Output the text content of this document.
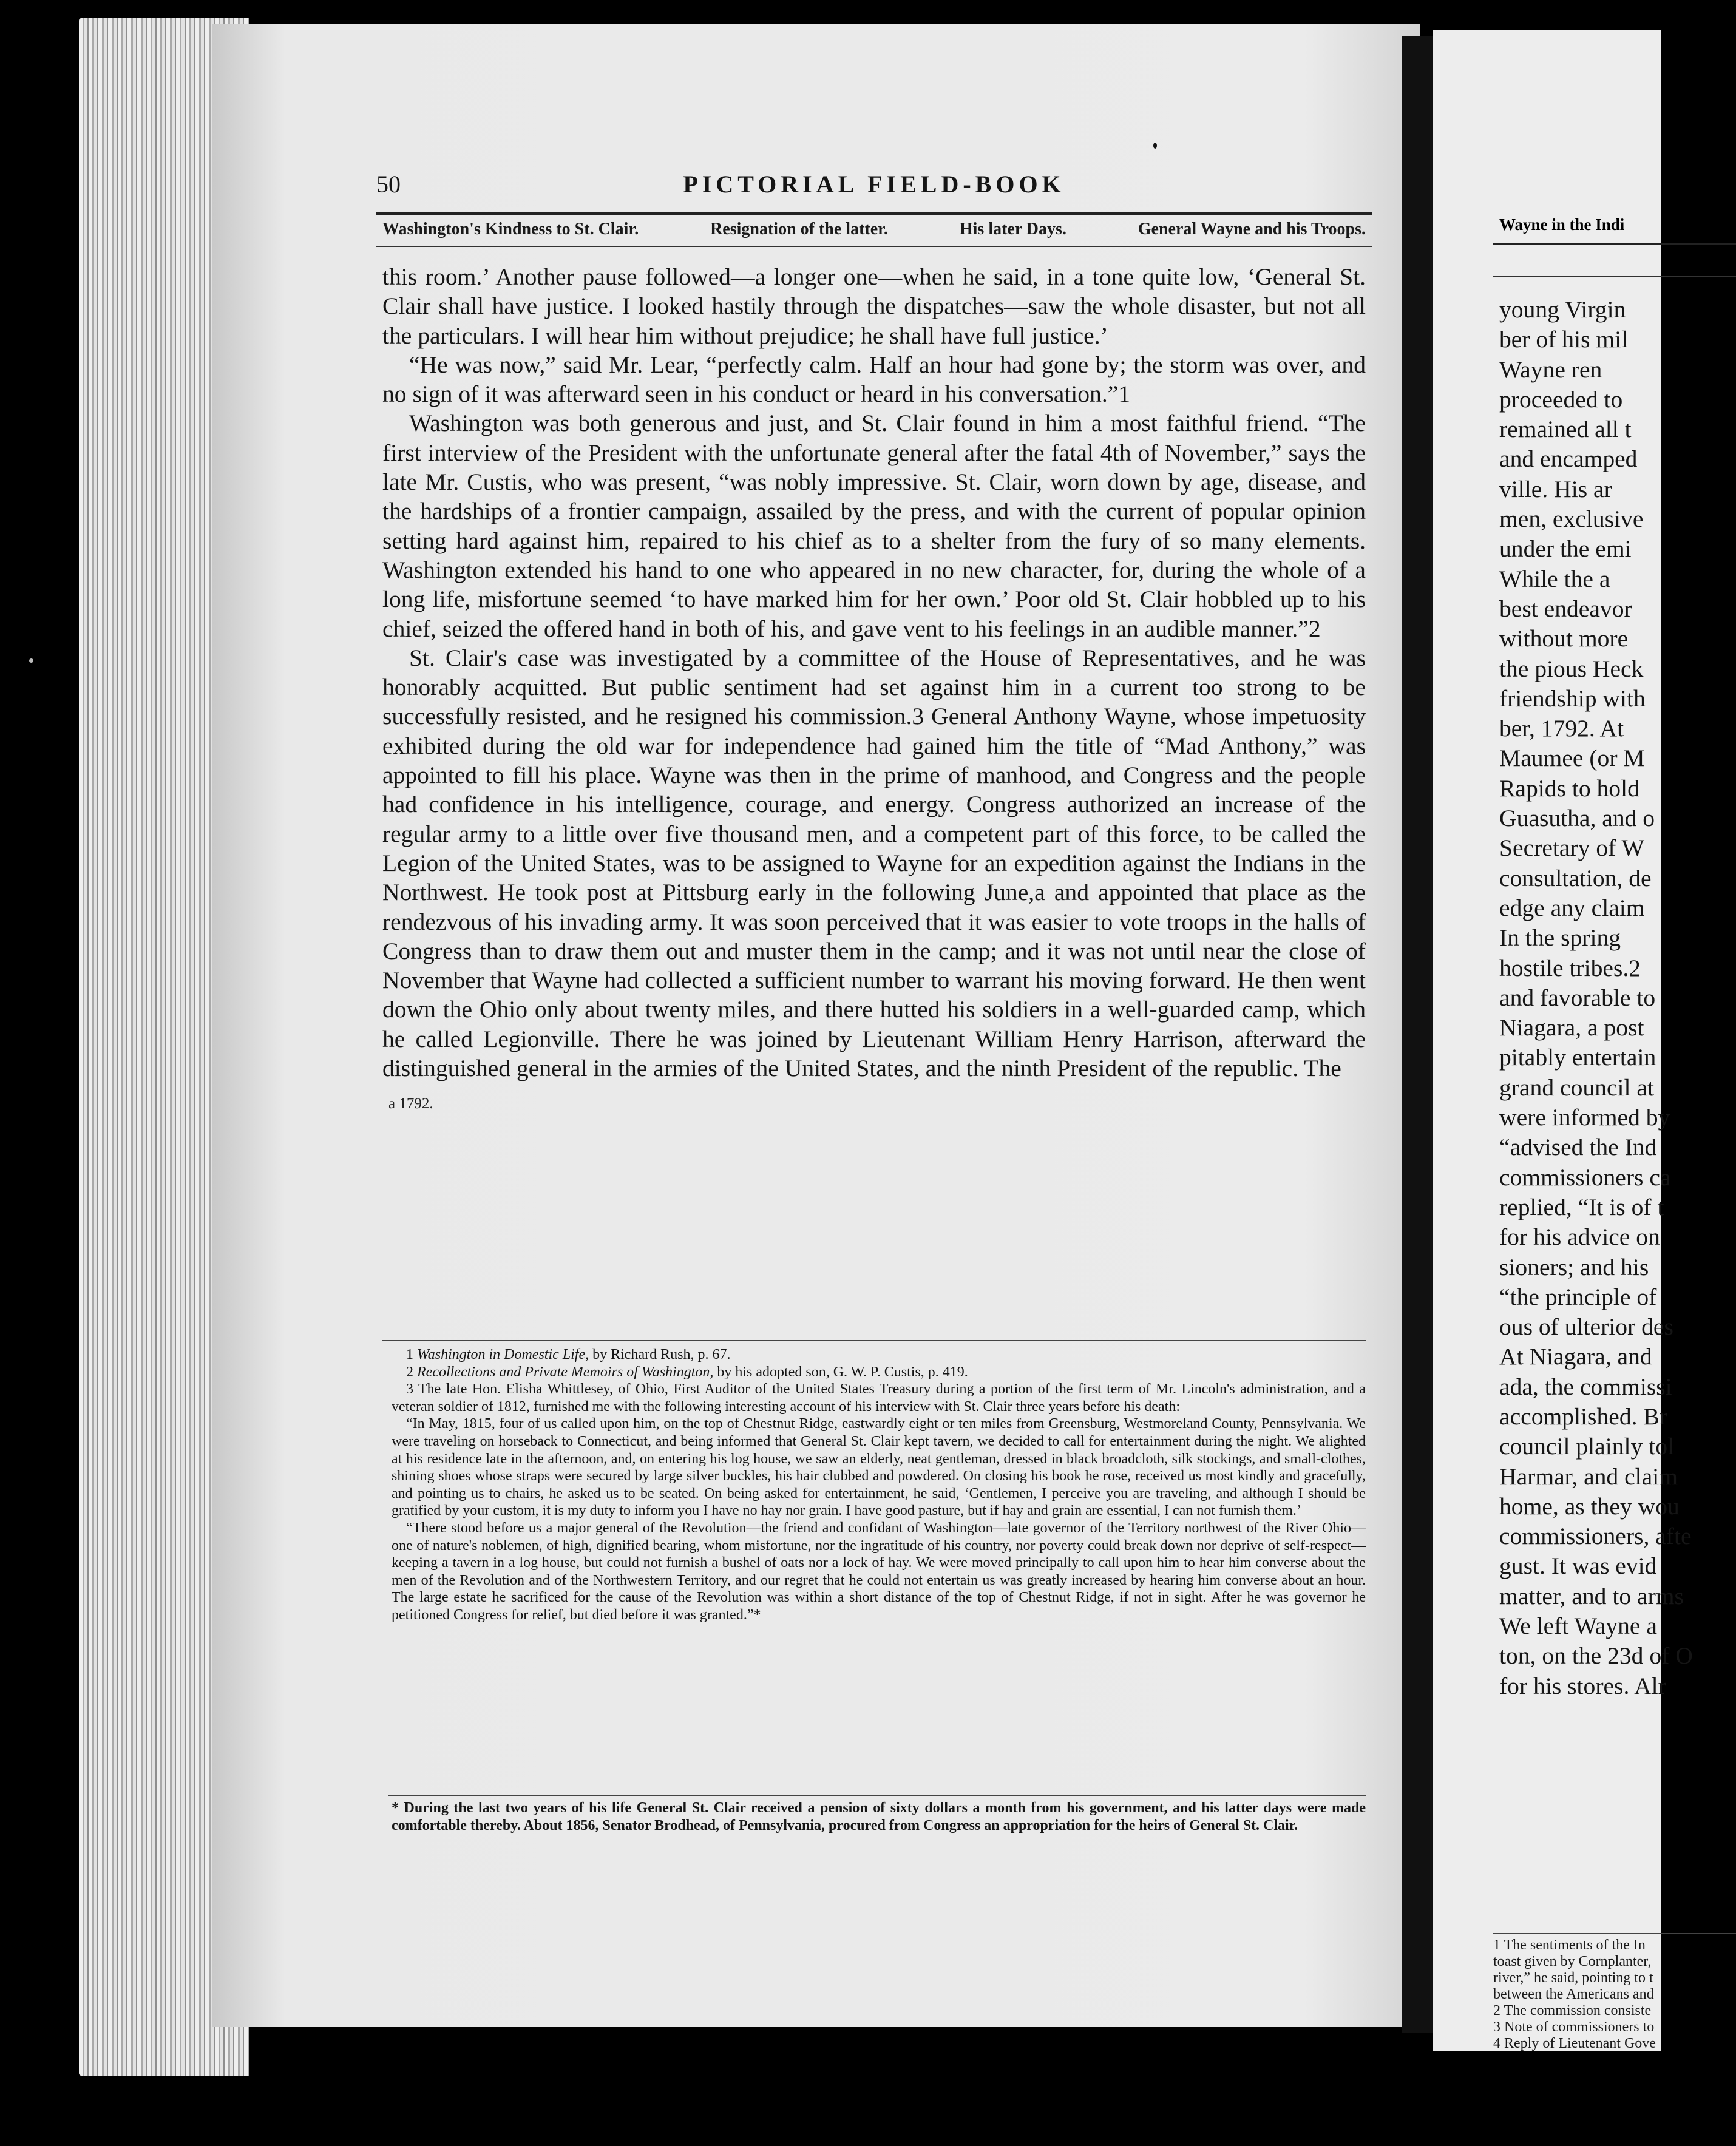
50	PICTORIAL FIELD-BOOK
Washington's Kindness to St. Clair.	Resignation of the latter.	His later Days.	General Wayne and his Troops.

this room.’ Another pause followed—a longer one—when he said, in a tone quite low, ‘General St. Clair shall have justice. I looked hastily through the dispatches—saw the whole disaster, but not all the particulars. I will hear him without prejudice; he shall have full justice.’

“He was now,” said Mr. Lear, “perfectly calm. Half an hour had gone by; the storm was over, and no sign of it was afterward seen in his conduct or heard in his conversation.”1

Washington was both generous and just, and St. Clair found in him a most faithful friend. “The first interview of the President with the unfortunate general after the fatal 4th of November,” says the late Mr. Custis, who was present, “was nobly impressive. St. Clair, worn down by age, disease, and the hardships of a frontier campaign, assailed by the press, and with the current of popular opinion setting hard against him, repaired to his chief as to a shelter from the fury of so many elements. Washington extended his hand to one who appeared in no new character, for, during the whole of a long life, misfortune seemed ‘to have marked him for her own.’ Poor old St. Clair hobbled up to his chief, seized the offered hand in both of his, and gave vent to his feelings in an audible manner.”2

St. Clair's case was investigated by a committee of the House of Representatives, and he was honorably acquitted. But public sentiment had set against him in a current too strong to be successfully resisted, and he resigned his commission.3 General Anthony Wayne, whose impetuosity exhibited during the old war for independence had gained him the title of “Mad Anthony,” was appointed to fill his place. Wayne was then in the prime of manhood, and Congress and the people had confidence in his intelligence, courage, and energy. Congress authorized an increase of the regular army to a little over five thousand men, and a competent part of this force, to be called the Legion of the United States, was to be assigned to Wayne for an expedition against the Indians in the Northwest. He took post at Pittsburg early in the following June,a and appointed that place as the rendezvous of his invading army. It was soon perceived that it was easier to vote troops in the halls of Congress than to draw them out and muster them in the camp; and it was not until near the close of November that Wayne had collected a sufficient number to warrant his moving forward. He then went down the Ohio only about twenty miles, and there hutted his soldiers in a well-guarded camp, which he called Legionville. There he was joined by Lieutenant William Henry Harrison, afterward the distinguished general in the armies of the United States, and the ninth President of the republic. The

a 1792.

1 Washington in Domestic Life, by Richard Rush, p. 67.

2 Recollections and Private Memoirs of Washington, by his adopted son, G. W. P. Custis, p. 419.

3 The late Hon. Elisha Whittlesey, of Ohio, First Auditor of the United States Treasury during a portion of the first term of Mr. Lincoln's administration, and a veteran soldier of 1812, furnished me with the following interesting account of his interview with St. Clair three years before his death:

“In May, 1815, four of us called upon him, on the top of Chestnut Ridge, eastwardly eight or ten miles from Greensburg, Westmoreland County, Pennsylvania. We were traveling on horseback to Connecticut, and being informed that General St. Clair kept tavern, we decided to call for entertainment during the night. We alighted at his residence late in the afternoon, and, on entering his log house, we saw an elderly, neat gentleman, dressed in black broadcloth, silk stockings, and small-clothes, shining shoes whose straps were secured by large silver buckles, his hair clubbed and powdered. On closing his book he rose, received us most kindly and gracefully, and pointing us to chairs, he asked us to be seated. On being asked for entertainment, he said, ‘Gentlemen, I perceive you are traveling, and although I should be gratified by your custom, it is my duty to inform you I have no hay nor grain. I have good pasture, but if hay and grain are essential, I can not furnish them.’

“There stood before us a major general of the Revolution—the friend and confidant of Washington—late governor of the Territory northwest of the River Ohio—one of nature's noblemen, of high, dignified bearing, whom misfortune, nor the ingratitude of his country, nor poverty could break down nor deprive of self-respect—keeping a tavern in a log house, but could not furnish a bushel of oats nor a lock of hay. We were moved principally to call upon him to hear him converse about the men of the Revolution and of the Northwestern Territory, and our regret that he could not entertain us was greatly increased by hearing him converse about an hour. The large estate he sacrificed for the cause of the Revolution was within a short distance of the top of Chestnut Ridge, if not in sight. After he was governor he petitioned Congress for relief, but died before it was granted.”*

* During the last two years of his life General St. Clair received a pension of sixty dollars a month from his government, and his latter days were made comfortable thereby. About 1856, Senator Brodhead, of Pennsylvania, procured from Congress an appropriation for the heirs of General St. Clair.
Wayne in the Indi
young Virgin
ber of his mil
Wayne ren
proceeded to
remained all t
and encamped
ville. His ar
men, exclusive
under the emi
While the a
best endeavor
without more
the pious Heck
friendship with
ber, 1792. At
Maumee (or M
Rapids to hold
Guasutha, and o
Secretary of W
consultation, de
edge any claim
In the spring
hostile tribes.2
and favorable to
Niagara, a post
pitably entertain
grand council at
were informed by
“advised the Ind
commissioners ca
replied, “It is of t
for his advice on
sioners; and his
“the principle of
ous of ulterior des
At Niagara, and
ada, the commissi
accomplished. Br
council plainly tol
Harmar, and claim
home, as they wou
commissioners, afte
gust. It was evid
matter, and to arms
We left Wayne a
ton, on the 23d of O
for his stores. Alr
1 The sentiments of the In
toast given by Cornplanter,
river,” he said, pointing to t
between the Americans and
2 The commission consiste
3 Note of commissioners to
4 Reply of Lieutenant Gove
